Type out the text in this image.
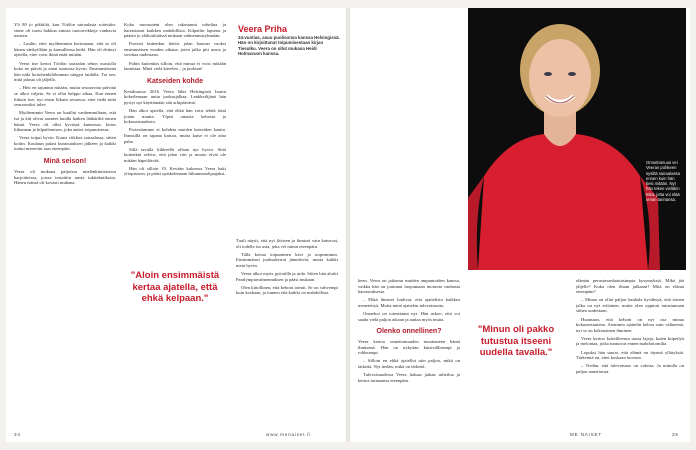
Yli 80 jo pikkiltä, kun Töölön sairaalasta soitettiin: sinne oli tuotu hakkua ainoaa tuotoovikkeja vanhavia naisten.

– Luulin, ettei myöhemmin kertomaan, että se oli hänen sänkyillään ja kansallensa hetki. Hän oli ehtinyt ajatella, ettei voisi ikinä enää mitään.

Veera itse kertoi Töölön sairaalan tehon osastolla koko ne päivät ja omat tuntonsa hyvin. Ensimmäisenä hän näki hoitohenkilökunnan sängyn laidalla. Tai sen, mitä jalasta oli jäljellä.

– Heti en tajunnut mitään, mutta seuraavina päivinä se alkoi valjeta. Se ei ollut helppo aikaa. Kun ennen liikuin itse, nyt ensin liikuin seurassa, ettei tiedä mitä seuraavaksi tulee.

Myöhemmin Veera on kuullut vanhemmiltaan, että isä ja äiti olivat saaneet kuulla kaiken lääkäriltä ennen häntä. Veera oli ollut hyvässä kunnossa, kiitos liikunnan ja kilpailemisen, joka auttoi toipumisessa.

Veera toipui hyvin. Kuusi viikkoa sairaalassa, sitten kotiin. Kouluun palasi kuntoutuksen jälkeen ja kaikki tuntui menevän taas eteenpäin.

Minä seison!

Veera oli mukana paljoissa mielenkiintoisissa harjoitteissa, joissa testattiin uusia tukitekniikoita. Hänen isänsä oli kovasti mukana.

Koko nuoruuteni olen rakastanut urheilua ja harrastanut kaikkea mahdollista. Kilpailin lapsena ja pääsin jo yläkouluiässä mukaan valmennusryhmään.

Protesti kuitenkin hävisi jalan haavan vuoksi ensimmäisen vuoden aikana, joten jalka piti uusia ja sovittaa uudestaan.

Puhin kuitenkin silloin, että minua ei voisi mikään lannistaa. Minä vielä kävelen – ja juoksen!

Katseiden kohde

Kesäkuussa 2016 Veera lähti Helsingistä Inarin kokeilemaan uutta juoksujalkaa. Lenkkeilijänä hän pystyi nyt käyttämään sitä arkipäivänä.

Hän alkoi ajatella, että ehkä hän voisi tehdä tästä jotain muuta. Ylpeä omasta kehosta ja kokonaisuudesta.

Protestiamme ei kohdeta muiden katseiden kautta. Ihmisillä on tapana katsoa, mutta katse ei ole aina paha.

Sillä tavalla liikkeellä ollaan nyt hyvin. Siitä kuitenkin selvisi, että jalan väri ja muoto eivät ole mitään häpeiltävää.

Hän oli silloin 19. Kevään kuluessa Veera haki yliopistoon, ja pääsi opiskelemaan liikunnanohjaajaksi.

"Aloin ensimmäistä kertaa ajatella, että ehkä kelpaan."

Tuuli näytti, että nyt iloitsen ja ihmiset vain katsovat, oli todella iso asia, joka vei minut eteenpäin.

Tällä kertaa toipuminen kävi jo nopeammin. Ensimmäiset juoksukerrat jännittivät, mutta kaikki meni hyvin.

Veera alkoi myös pyöräillä ja uida. Sitten hän aloitti Paralympiavalmennuksen ja pääsi mukaan.

Olen kiitollinen, että kehoni toimii. Se on vahvempi kuin koskaan, ja tunnen että kaikki on mahdollista.

Veera Priha
34-vuotias, asuu puolisonsa kanssa Helsingissä. Hän on kirjoittanut toipumisestaan kirjan Tiesulku. Veera on ollut mukana Heidi Holmavuon kanssa.
34	www.menaiset.fi

keen. Veera on jatkanut muiden ampuntoiden kanssa, vaikka hän on joutunut luopumaan monesta vanhasta harrastuksesta.

– Ehkä ihmiset luulivat, että ajattelisin kaikkea menetettyä. Mutta minä ajattelen tulevaisuutta.

Omaehoi on toteuttanut nyt. Hän uskoo, että voi saada vielä paljon aikaan ja auttaa myös muita.

Olenko onnellinen?

Veera kertoo onnettomuuden muuttaneen häntä ihmisenä. Hän on nykyään kärsivällisempi ja rohkeampi.

– Silloin en ehkä ajatellut niin paljon, mikä on tärkeää. Nyt tiedän, mikä on tärkeää.

Tulevaisuudessa Veera haluaa jatkaa urheilua ja kertoa tarinaansa eteenpäin.

"Minun oli pakko tutustua itseeni uudella tavalla."

elämän perustavanlaatuisimpia kysymyksiä. Mikä jää jäljelle? Kuka olen ilman jalkaani? Mitä on elämä eteenpäin?

– Minua on ollut paljon hankala hyväksyä, että toinen jalka on nyt erilainen, mutta olen oppinut tutustumaan siihen uudestaan.

Huomaan, että kehoni on nyt osa minua kokonaisuutena. Aiemmin ajattelin kehoa vain välineenä, nyt se on kokonainen ihminen.

Veera kertoo kokeilleensa uusia lajeja, kuten kiipeilyä ja melontaa, jotka tuntuivat ennen mahdottomilta.

Lopuksi hän sanoo, että elämä on täynnä yllätyksiä. Tärkeintä on, ettei koskaan luovuta.

– Tiedän, että tulevaisuus on valoisa. Ja minulla on paljon annettavaa.

ME NAISET	35
Onnettomuus vei Veeran pohkeen sysiltä sairaalassa ennen kuin hän tiesi mitään. Nyt hän tekee vieläkin töitä, jotta voi elää oman tarinansa.
